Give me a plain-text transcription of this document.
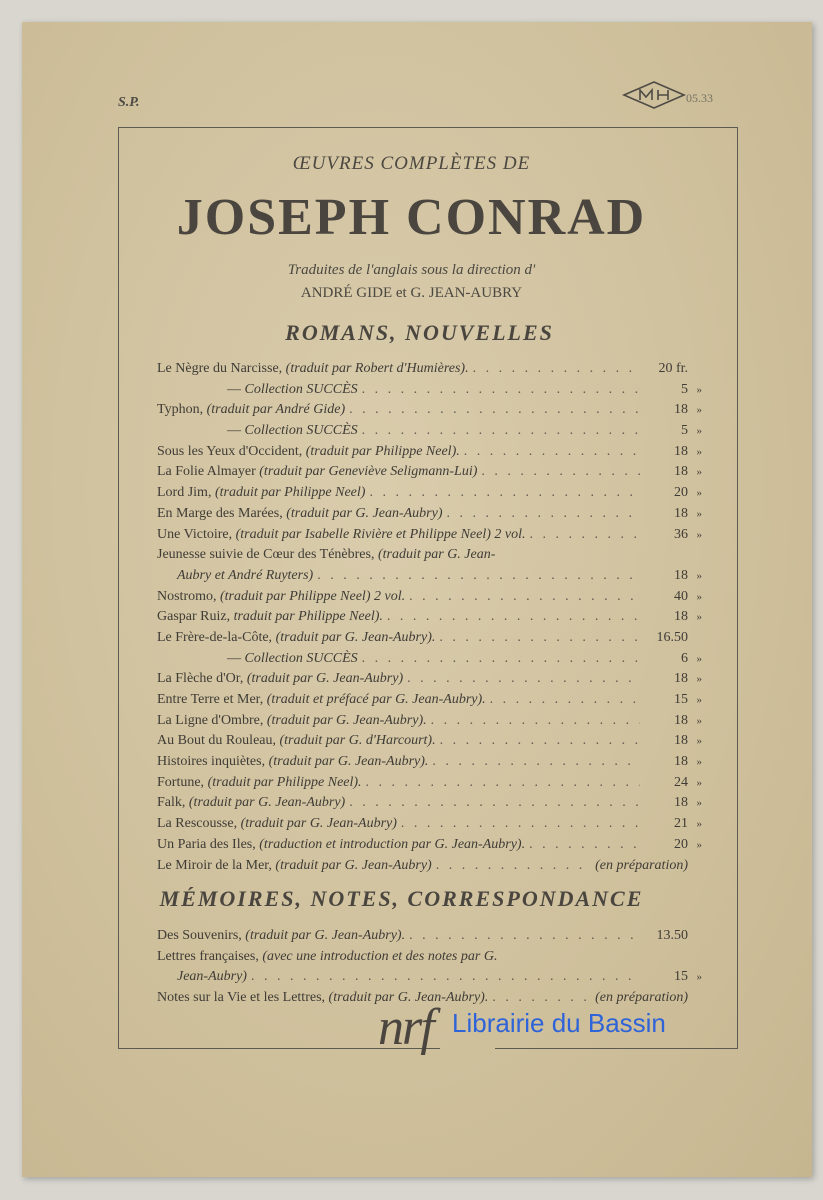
S.P.	05.33
ŒUVRES COMPLÈTES DE
JOSEPH CONRAD
Traduites de l'anglais sous la direction d'
ANDRÉ GIDE et G. JEAN-AUBRY
ROMANS, NOUVELLES
Le Nègre du Narcisse, (traduit par Robert d'Humières). . . .	20 fr.
— Collection SUCCÈS . . .	5 »
Typhon, (traduit par André Gide) . . .	18 »
— Collection SUCCÈS . . .	5 »
Sous les Yeux d'Occident, (traduit par Philippe Neel). . . .	18 »
La Folie Almayer (traduit par Geneviève Seligmann-Lui) . . .	18 »
Lord Jim, (traduit par Philippe Neel) . . .	20 »
En Marge des Marées, (traduit par G. Jean-Aubry) . . .	18 »
Une Victoire, (traduit par Isabelle Rivière et Philippe Neel) 2 vol. . . .	36 »
Jeunesse suivie de Cœur des Ténèbres, (traduit par G. Jean-
Aubry et André Ruyters) . . .	18 »
Nostromo, (traduit par Philippe Neel) 2 vol. . . .	40 »
Gaspar Ruiz, traduit par Philippe Neel). . . .	18 »
Le Frère-de-la-Côte, (traduit par G. Jean-Aubry). . . .	16.50
— Collection SUCCÈS . . .	6 »
La Flèche d'Or, (traduit par G. Jean-Aubry) . . .	18 »
Entre Terre et Mer, (traduit et préfacé par G. Jean-Aubry). . . .	15 »
La Ligne d'Ombre, (traduit par G. Jean-Aubry). . . .	18 »
Au Bout du Rouleau, (traduit par G. d'Harcourt). . . .	18 »
Histoires inquiètes, (traduit par G. Jean-Aubry). . . .	18 »
Fortune, (traduit par Philippe Neel). . . .	24 »
Falk, (traduit par G. Jean-Aubry) . . .	18 »
La Rescousse, (traduit par G. Jean-Aubry) . . .	21 »
Un Paria des Iles, (traduction et introduction par G. Jean-Aubry). . . .	20 »
Le Miroir de la Mer, (traduit par G. Jean-Aubry) . . .	(en préparation)
MÉMOIRES, NOTES, CORRESPONDANCE
Des Souvenirs, (traduit par G. Jean-Aubry). . . .	13.50
Lettres françaises, (avec une introduction et des notes par G.
Jean-Aubry) . . .	15 »
Notes sur la Vie et les Lettres, (traduit par G. Jean-Aubry). . . .	(en préparation)
nrf Librairie du Bassin
